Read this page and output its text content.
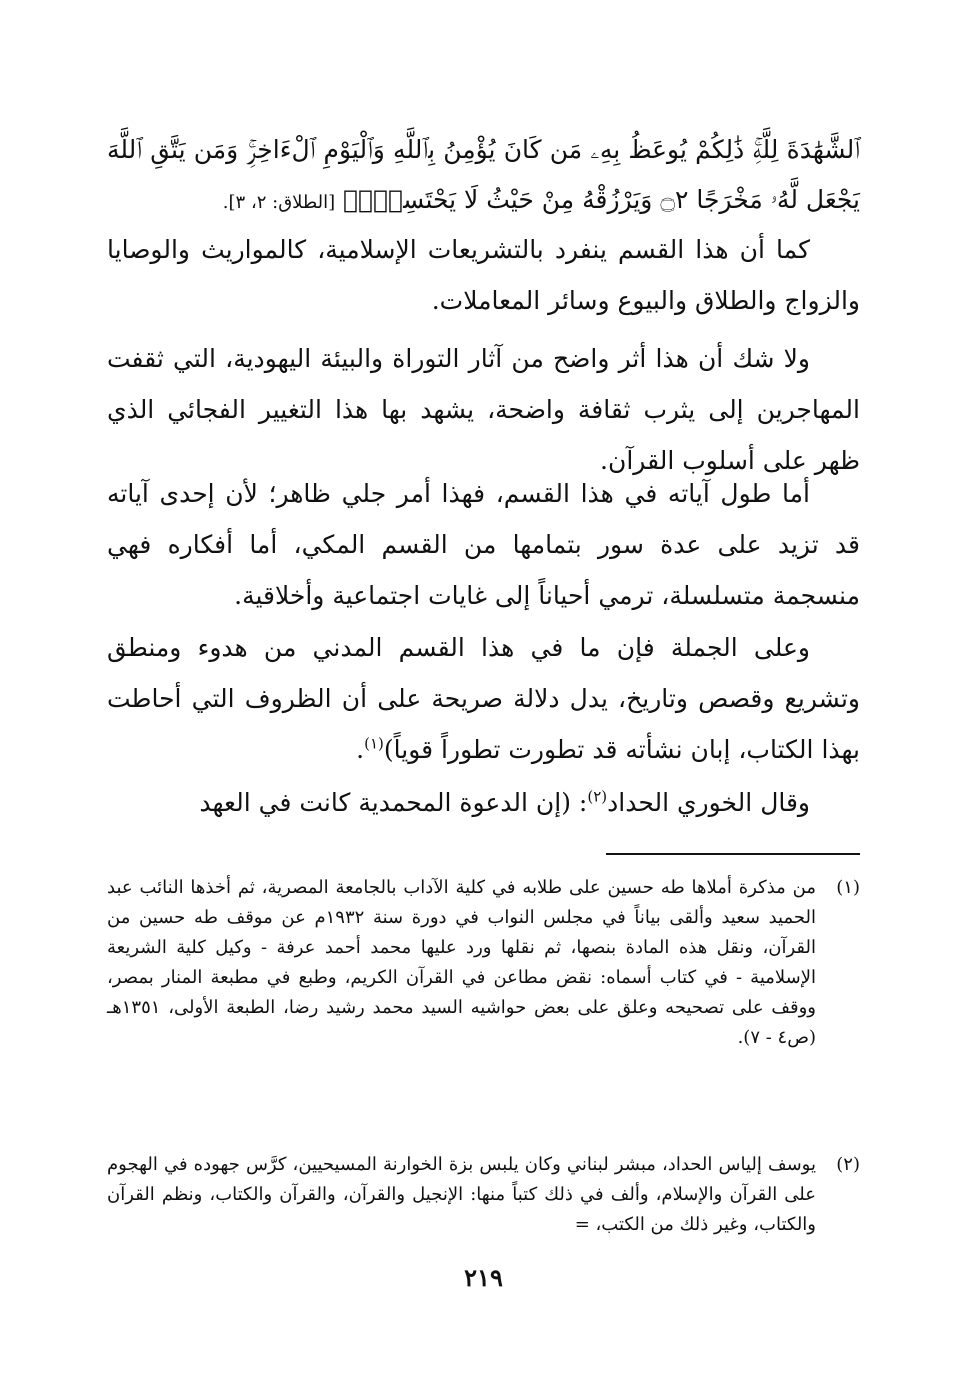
ٱلشَّهَٰدَةَ لِلَّهِۚ ذَٰلِكُمْ يُوعَظُ بِهِۦ مَن كَانَ يُؤْمِنُ بِٱللَّهِ وَٱلْيَوْمِ ٱلْءَاخِرِۚ وَمَن يَتَّقِ ٱللَّهَ يَجْعَل لَّهُۥ مَخْرَجًا ۝٢ وَيَرْزُقْهُ مِنْ حَيْثُ لَا يَحْتَسِبُۚ﴾ [الطلاق: ٢، ٣].

كما أن هذا القسم ينفرد بالتشريعات الإسلامية، كالمواريث والوصايا والزواج والطلاق والبيوع وسائر المعاملات.

ولا شك أن هذا أثر واضح من آثار التوراة والبيئة اليهودية، التي ثقفت المهاجرين إلى يثرب ثقافة واضحة، يشهد بها هذا التغيير الفجائي الذي ظهر على أسلوب القرآن.

أما طول آياته في هذا القسم، فهذا أمر جلي ظاهر؛ لأن إحدى آياته قد تزيد على عدة سور بتمامها من القسم المكي، أما أفكاره فهي منسجمة متسلسلة، ترمي أحياناً إلى غايات اجتماعية وأخلاقية.

وعلى الجملة فإن ما في هذا القسم المدني من هدوء ومنطق وتشريع وقصص وتاريخ، يدل دلالة صريحة على أن الظروف التي أحاطت بهذا الكتاب، إبان نشأته قد تطورت تطوراً قوياً)$^{(١)}$.

وقال الخوري الحداد$^{(٢)}$: (إن الدعوة المحمدية كانت في العهد

(١)
من مذكرة أملاها طه حسين على طلابه في كلية الآداب بالجامعة المصرية، ثم أخذها النائب عبد الحميد سعيد وألقى بياناً في مجلس النواب في دورة سنة ١٩٣٢م عن موقف طه حسين من القرآن، ونقل هذه المادة بنصها، ثم نقلها ورد عليها محمد أحمد عرفة - وكيل كلية الشريعة الإسلامية - في كتاب أسماه: نقض مطاعن في القرآن الكريم، وطبع في مطبعة المنار بمصر، ووقف على تصحيحه وعلق على بعض حواشيه السيد محمد رشيد رضا، الطبعة الأولى، ١٣٥١هـ (ص٤ - ٧).

(٢)
يوسف إلياس الحداد، مبشر لبناني وكان يلبس بزة الخوارنة المسيحيين، كرَّس جهوده في الهجوم على القرآن والإسلام، وألف في ذلك كتباً منها: الإنجيل والقرآن، والقرآن والكتاب، ونظم القرآن والكتاب، وغير ذلك من الكتب، =

٢١٩
